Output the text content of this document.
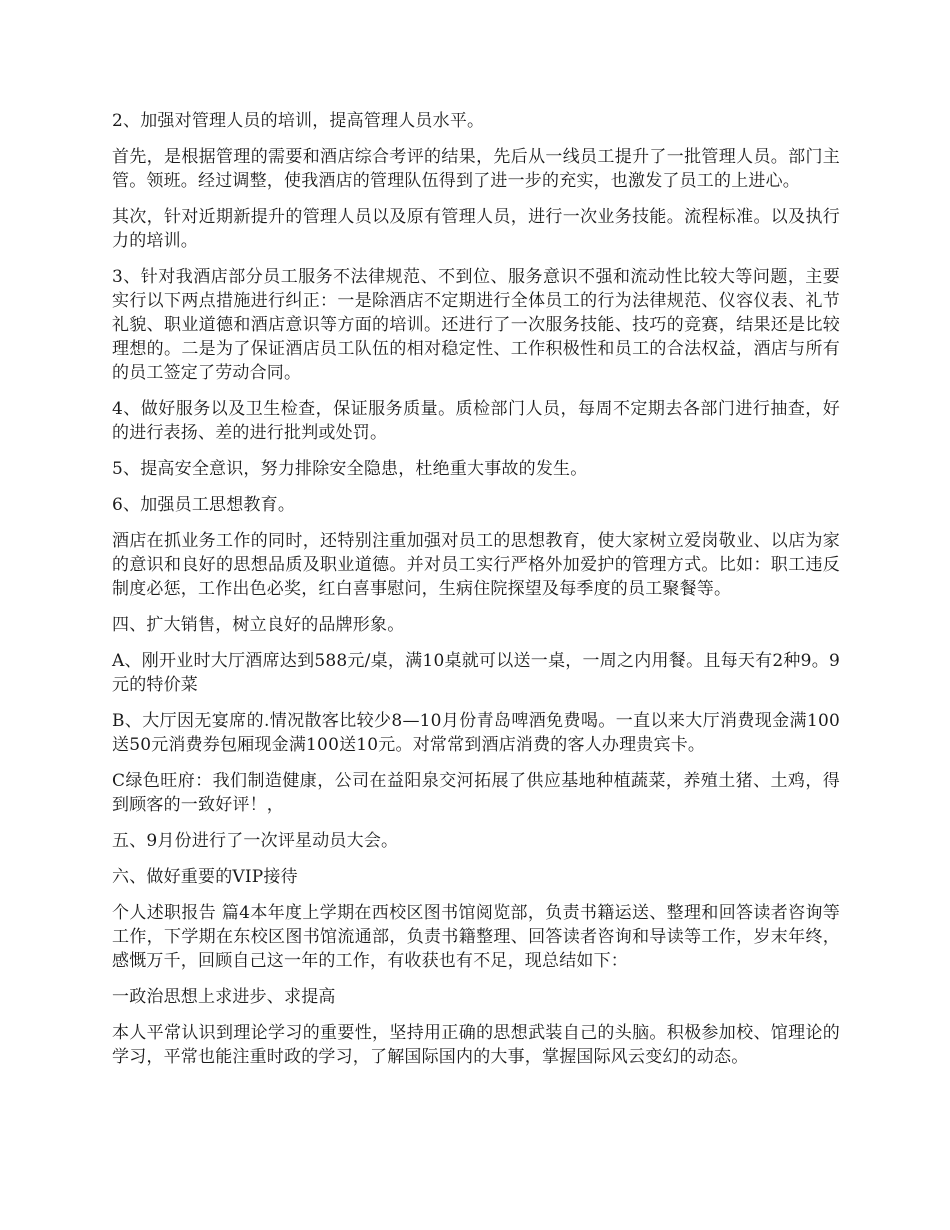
2、加强对管理人员的培训，提高管理人员水平。

首先，是根据管理的需要和酒店综合考评的结果，先后从一线员工提升了一批管理人员。部门主管。领班。经过调整，使我酒店的管理队伍得到了进一步的充实，也激发了员工的上进心。

其次，针对近期新提升的管理人员以及原有管理人员，进行一次业务技能。流程标准。以及执行力的培训。

3、针对我酒店部分员工服务不法律规范、不到位、服务意识不强和流动性比较大等问题，主要实行以下两点措施进行纠正：一是除酒店不定期进行全体员工的行为法律规范、仪容仪表、礼节礼貌、职业道德和酒店意识等方面的培训。还进行了一次服务技能、技巧的竞赛，结果还是比较理想的。二是为了保证酒店员工队伍的相对稳定性、工作积极性和员工的合法权益，酒店与所有的员工签定了劳动合同。

4、做好服务以及卫生检查，保证服务质量。质检部门人员，每周不定期去各部门进行抽查，好的进行表扬、差的进行批判或处罚。

5、提高安全意识，努力排除安全隐患，杜绝重大事故的发生。

6、加强员工思想教育。

酒店在抓业务工作的同时，还特别注重加强对员工的思想教育，使大家树立爱岗敬业、以店为家的意识和良好的思想品质及职业道德。并对员工实行严格外加爱护的管理方式。比如：职工违反制度必惩，工作出色必奖，红白喜事慰问，生病住院探望及每季度的员工聚餐等。

四、扩大销售，树立良好的品牌形象。

A、刚开业时大厅酒席达到588元/桌，满10桌就可以送一桌，一周之内用餐。且每天有2种9。9元的特价菜

B、大厅因无宴席的.情况散客比较少8—10月份青岛啤酒免费喝。一直以来大厅消费现金满100送50元消费券包厢现金满100送10元。对常常到酒店消费的客人办理贵宾卡。

C绿色旺府：我们制造健康，公司在益阳泉交河拓展了供应基地种植蔬菜，养殖土猪、土鸡，得到顾客的一致好评！，

五、9月份进行了一次评星动员大会。

六、做好重要的VIP接待

个人述职报告 篇4本年度上学期在西校区图书馆阅览部，负责书籍运送、整理和回答读者咨询等工作，下学期在东校区图书馆流通部，负责书籍整理、回答读者咨询和导读等工作，岁末年终，感慨万千，回顾自己这一年的工作，有收获也有不足，现总结如下：

一政治思想上求进步、求提高

本人平常认识到理论学习的重要性，坚持用正确的思想武装自己的头脑。积极参加校、馆理论的学习，平常也能注重时政的学习，了解国际国内的大事，掌握国际风云变幻的动态。
